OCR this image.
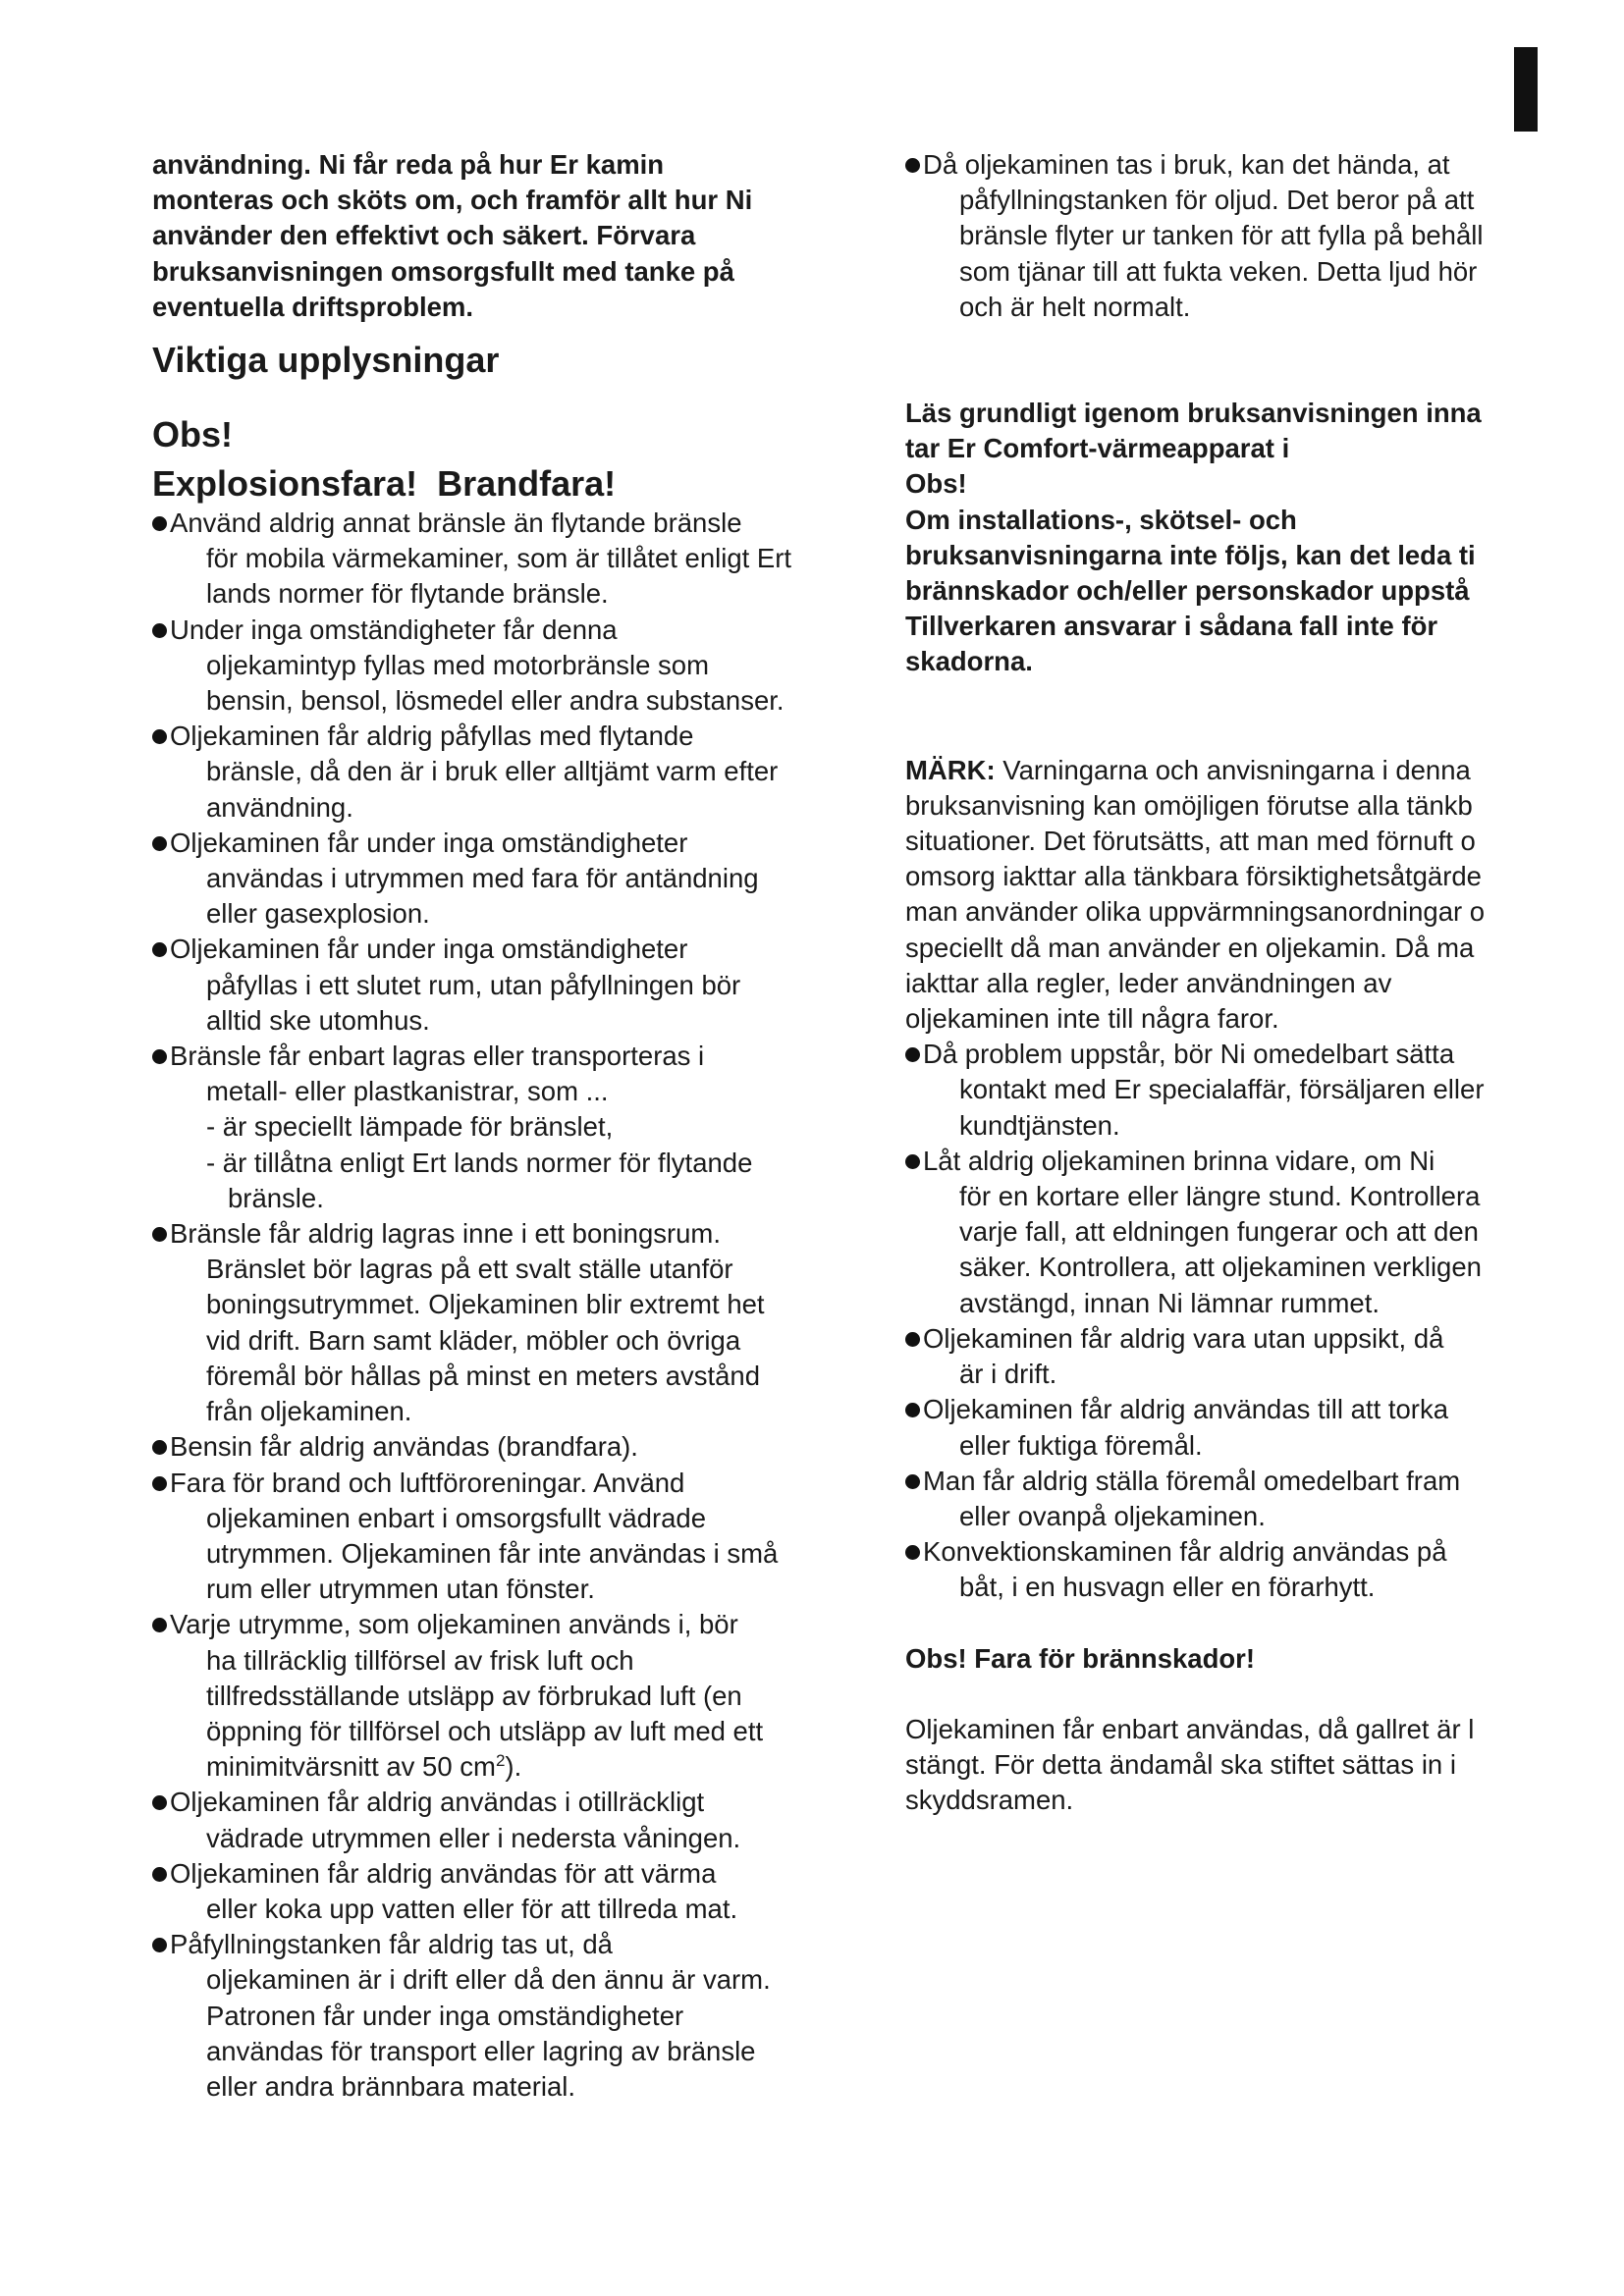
användning. Ni får reda på hur Er kamin
monteras och sköts om, och framför allt hur Ni
använder den effektivt och säkert. Förvara
bruksanvisningen omsorgsfullt med tanke på
eventuella driftsproblem.

Viktiga upplysningar
Obs!
Explosionsfara!  Brandfara!
Använd aldrig annat bränsle än flytande bränsle
för mobila värmekaminer, som är tillåtet enligt Ert
lands normer för flytande bränsle.
Under inga omständigheter får denna
oljekamintyp fyllas med motorbränsle som
bensin, bensol, lösmedel eller andra substanser.
Oljekaminen får aldrig påfyllas med flytande
bränsle, då den är i bruk eller alltjämt varm efter
användning.
Oljekaminen får under inga omständigheter
användas i utrymmen med fara för antändning
eller gasexplosion.
Oljekaminen får under inga omständigheter
påfyllas i ett slutet rum, utan påfyllningen bör
alltid ske utomhus.
Bränsle får enbart lagras eller transporteras i
metall- eller plastkanistrar, som ...
- är speciellt lämpade för bränslet,
- är tillåtna enligt Ert lands normer för flytande
bränsle.
Bränsle får aldrig lagras inne i ett boningsrum.
Bränslet bör lagras på ett svalt ställe utanför
boningsutrymmet. Oljekaminen blir extremt het
vid drift. Barn samt kläder, möbler och övriga
föremål bör hållas på minst en meters avstånd
från oljekaminen.
Bensin får aldrig användas (brandfara).
Fara för brand och luftföroreningar. Använd
oljekaminen enbart i omsorgsfullt vädrade
utrymmen. Oljekaminen får inte användas i små
rum eller utrymmen utan fönster.
Varje utrymme, som oljekaminen används i, bör
ha tillräcklig tillförsel av frisk luft och
tillfredsställande utsläpp av förbrukad luft (en
öppning för tillförsel och utsläpp av luft med ett
minimitvärsnitt av 50 $cm^2$).
Oljekaminen får aldrig användas i otillräckligt
vädrade utrymmen eller i nedersta våningen.
Oljekaminen får aldrig användas för att värma
eller koka upp vatten eller för att tillreda mat.
Påfyllningstanken får aldrig tas ut, då
oljekaminen är i drift eller då den ännu är varm.
Patronen får under inga omständigheter
användas för transport eller lagring av bränsle
eller andra brännbara material.
Då oljekaminen tas i bruk, kan det hända, at
påfyllningstanken för oljud. Det beror på att
bränsle flyter ur tanken för att fylla på behåll
som tjänar till att fukta veken. Detta ljud hör
och är helt normalt.
Läs grundligt igenom bruksanvisningen inna
tar Er Comfort-värmeapparat i
Obs!
Om installations-, skötsel- och
bruksanvisningarna inte följs, kan det leda ti
brännskador och/eller personskador uppstå
Tillverkaren ansvarar i sådana fall inte för
skadorna.
MÄRK: Varningarna och anvisningarna i denna
bruksanvisning kan omöjligen förutse alla tänkb
situationer. Det förutsätts, att man med förnuft o
omsorg iakttar alla tänkbara försiktighetsåtgärde
man använder olika uppvärmningsanordningar o
speciellt då man använder en oljekamin. Då ma
iakttar alla regler, leder användningen av
oljekaminen inte till några faror.
Då problem uppstår, bör Ni omedelbart sätta
kontakt med Er specialaffär, försäljaren eller
kundtjänsten.
Låt aldrig oljekaminen brinna vidare, om Ni
för en kortare eller längre stund. Kontrollera
varje fall, att eldningen fungerar och att den
säker. Kontrollera, att oljekaminen verkligen
avstängd, innan Ni lämnar rummet.
Oljekaminen får aldrig vara utan uppsikt, då
är i drift.
Oljekaminen får aldrig användas till att torka
eller fuktiga föremål.
Man får aldrig ställa föremål omedelbart fram
eller ovanpå oljekaminen.
Konvektionskaminen får aldrig användas på
båt, i en husvagn eller en förarhytt.
Obs! Fara för brännskador!
Oljekaminen får enbart användas, då gallret är l
stängt. För detta ändamål ska stiftet sättas in i
skyddsramen.
